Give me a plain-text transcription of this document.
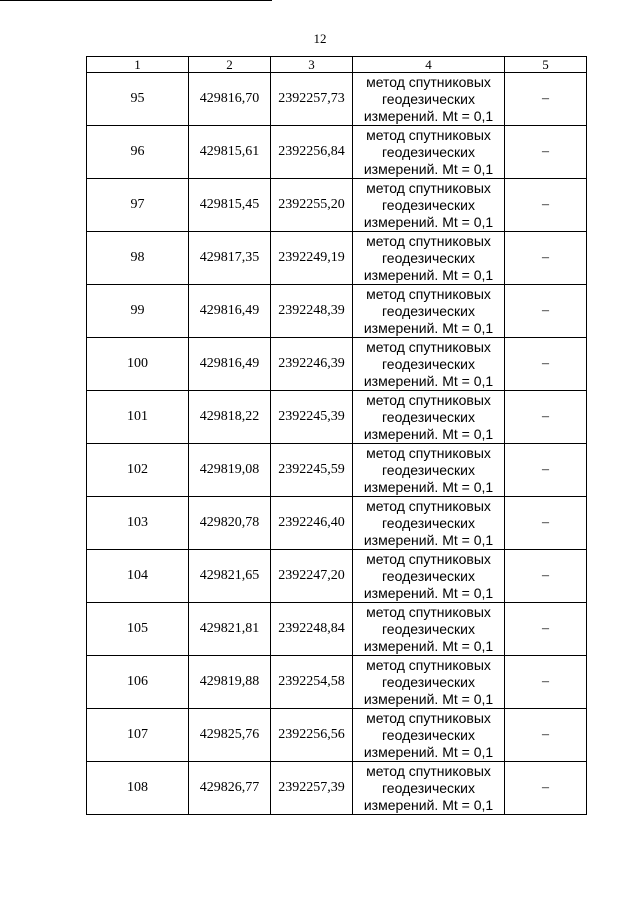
12
1	2	3	4	5
95	429816,70	2392257,73	метод спутниковых
геодезических
измерений. Mt = 0,1	–
96	429815,61	2392256,84	метод спутниковых
геодезических
измерений. Mt = 0,1	–
97	429815,45	2392255,20	метод спутниковых
геодезических
измерений. Mt = 0,1	–
98	429817,35	2392249,19	метод спутниковых
геодезических
измерений. Mt = 0,1	–
99	429816,49	2392248,39	метод спутниковых
геодезических
измерений. Mt = 0,1	–
100	429816,49	2392246,39	метод спутниковых
геодезических
измерений. Mt = 0,1	–
101	429818,22	2392245,39	метод спутниковых
геодезических
измерений. Mt = 0,1	–
102	429819,08	2392245,59	метод спутниковых
геодезических
измерений. Mt = 0,1	–
103	429820,78	2392246,40	метод спутниковых
геодезических
измерений. Mt = 0,1	–
104	429821,65	2392247,20	метод спутниковых
геодезических
измерений. Mt = 0,1	–
105	429821,81	2392248,84	метод спутниковых
геодезических
измерений. Mt = 0,1	–
106	429819,88	2392254,58	метод спутниковых
геодезических
измерений. Mt = 0,1	–
107	429825,76	2392256,56	метод спутниковых
геодезических
измерений. Mt = 0,1	–
108	429826,77	2392257,39	метод спутниковых
геодезических
измерений. Mt = 0,1	–
